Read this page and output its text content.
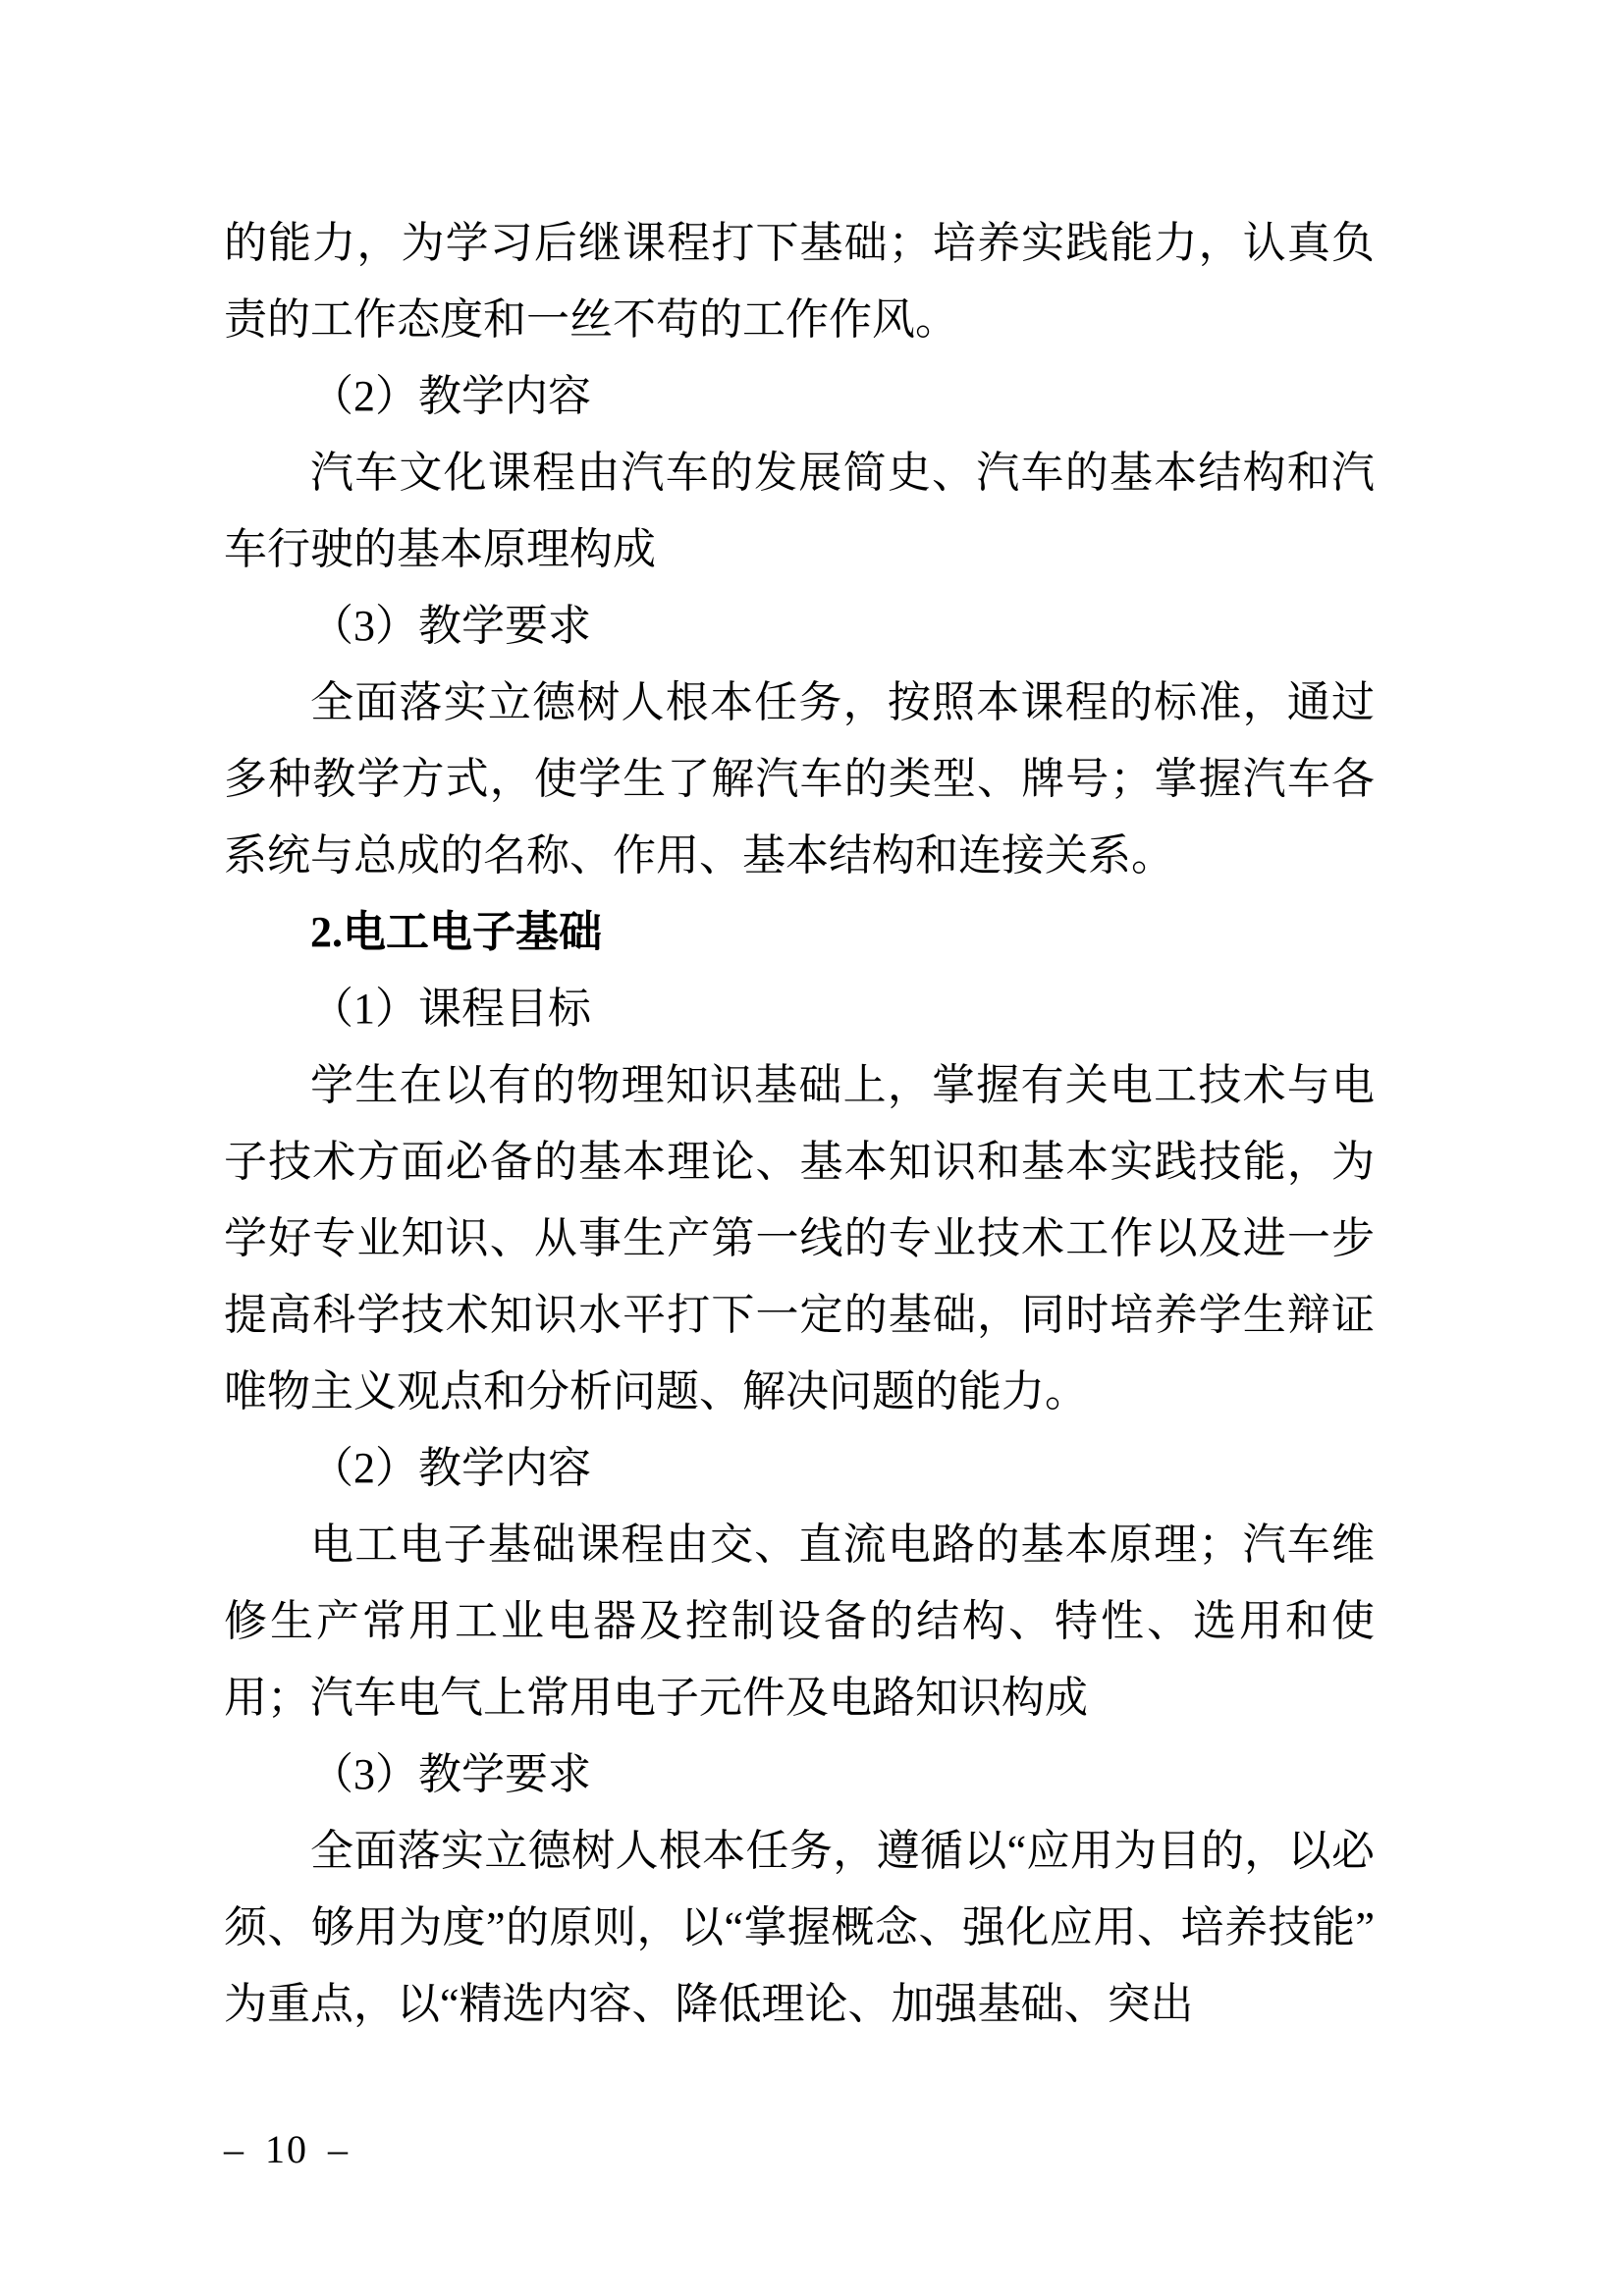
的能力，为学习后继课程打下基础；培养实践能力，认真负责的工作态度和一丝不苟的工作作风。

（2）教学内容

汽车文化课程由汽车的发展简史、汽车的基本结构和汽车行驶的基本原理构成

（3）教学要求

全面落实立德树人根本任务，按照本课程的标准，通过多种教学方式，使学生了解汽车的类型、牌号；掌握汽车各系统与总成的名称、作用、基本结构和连接关系。

2.电工电子基础

（1）课程目标

学生在以有的物理知识基础上，掌握有关电工技术与电子技术方面必备的基本理论、基本知识和基本实践技能，为学好专业知识、从事生产第一线的专业技术工作以及进一步提高科学技术知识水平打下一定的基础，同时培养学生辩证唯物主义观点和分析问题、解决问题的能力。

（2）教学内容

电工电子基础课程由交、直流电路的基本原理；汽车维修生产常用工业电器及控制设备的结构、特性、选用和使用；汽车电气上常用电子元件及电路知识构成

（3）教学要求

全面落实立德树人根本任务，遵循以“应用为目的，以必须、够用为度”的原则，以“掌握概念、强化应用、培养技能”为重点，以“精选内容、降低理论、加强基础、突出

– 10 –
